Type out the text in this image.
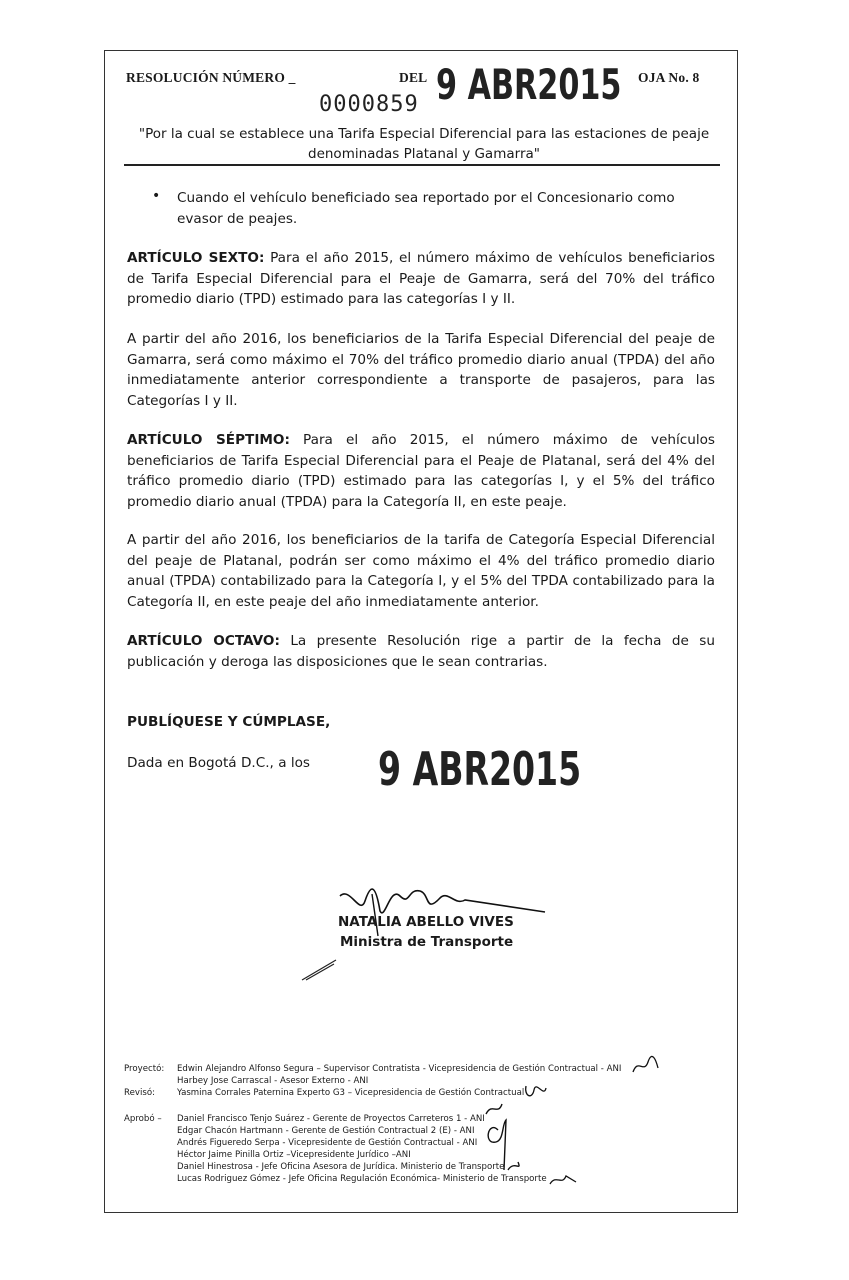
RESOLUCIÓN NÚMERO _	DEL	OJA No. 8
9 ABR2015
0000859
"Por la cual se establece una Tarifa Especial Diferencial para las estaciones de peaje denominadas Platanal y Gamarra"
• Cuando el vehículo beneficiado sea reportado por el Concesionario como evasor de peajes.

ARTÍCULO SEXTO: Para el año 2015, el número máximo de vehículos beneficiarios de Tarifa Especial Diferencial para el Peaje de Gamarra, será del 70% del tráfico promedio diario (TPD) estimado para las categorías I y II.

A partir del año 2016, los beneficiarios de la Tarifa Especial Diferencial del peaje de Gamarra, será como máximo el 70% del tráfico promedio diario anual (TPDA) del año inmediatamente anterior correspondiente a transporte de pasajeros, para las Categorías I y II.

ARTÍCULO SÉPTIMO: Para el año 2015, el número máximo de vehículos beneficiarios de Tarifa Especial Diferencial para el Peaje de Platanal, será del 4% del tráfico promedio diario (TPD) estimado para las categorías I, y el 5% del tráfico promedio diario anual (TPDA) para la Categoría II, en este peaje.

A partir del año 2016, los beneficiarios de la tarifa de Categoría Especial Diferencial del peaje de Platanal, podrán ser como máximo el 4% del tráfico promedio diario anual (TPDA) contabilizado para la Categoría I, y el 5% del TPDA contabilizado para la Categoría II, en este peaje del año inmediatamente anterior.

ARTÍCULO OCTAVO: La presente Resolución rige a partir de la fecha de su publicación y deroga las disposiciones que le sean contrarias.

PUBLÍQUESE Y CÚMPLASE,

Dada en Bogotá D.C., a los	9 ABR2015
NATALIA ABELLO VIVES
Ministra de Transporte
Proyectó: Edwin Alejandro Alfonso Segura – Supervisor Contratista - Vicepresidencia de Gestión Contractual - ANI
Harbey Jose Carrascal - Asesor Externo - ANI
Revisó:	Yasmina Corrales Paternina Experto G3 – Vicepresidencia de Gestión Contractual
Aprobó – Daniel Francisco Tenjo Suárez - Gerente de Proyectos Carreteros 1 - ANI
Edgar Chacón Hartmann - Gerente de Gestión Contractual 2 (E) - ANI
Andrés Figueredo Serpa - Vicepresidente de Gestión Contractual - ANI
Héctor Jaime Pinilla Ortiz –Vicepresidente Jurídico –ANI
Daniel Hinestrosa - Jefe Oficina Asesora de Jurídica. Ministerio de Transporte
Lucas Rodriguez Gómez - Jefe Oficina Regulación Económica- Ministerio de Transporte
